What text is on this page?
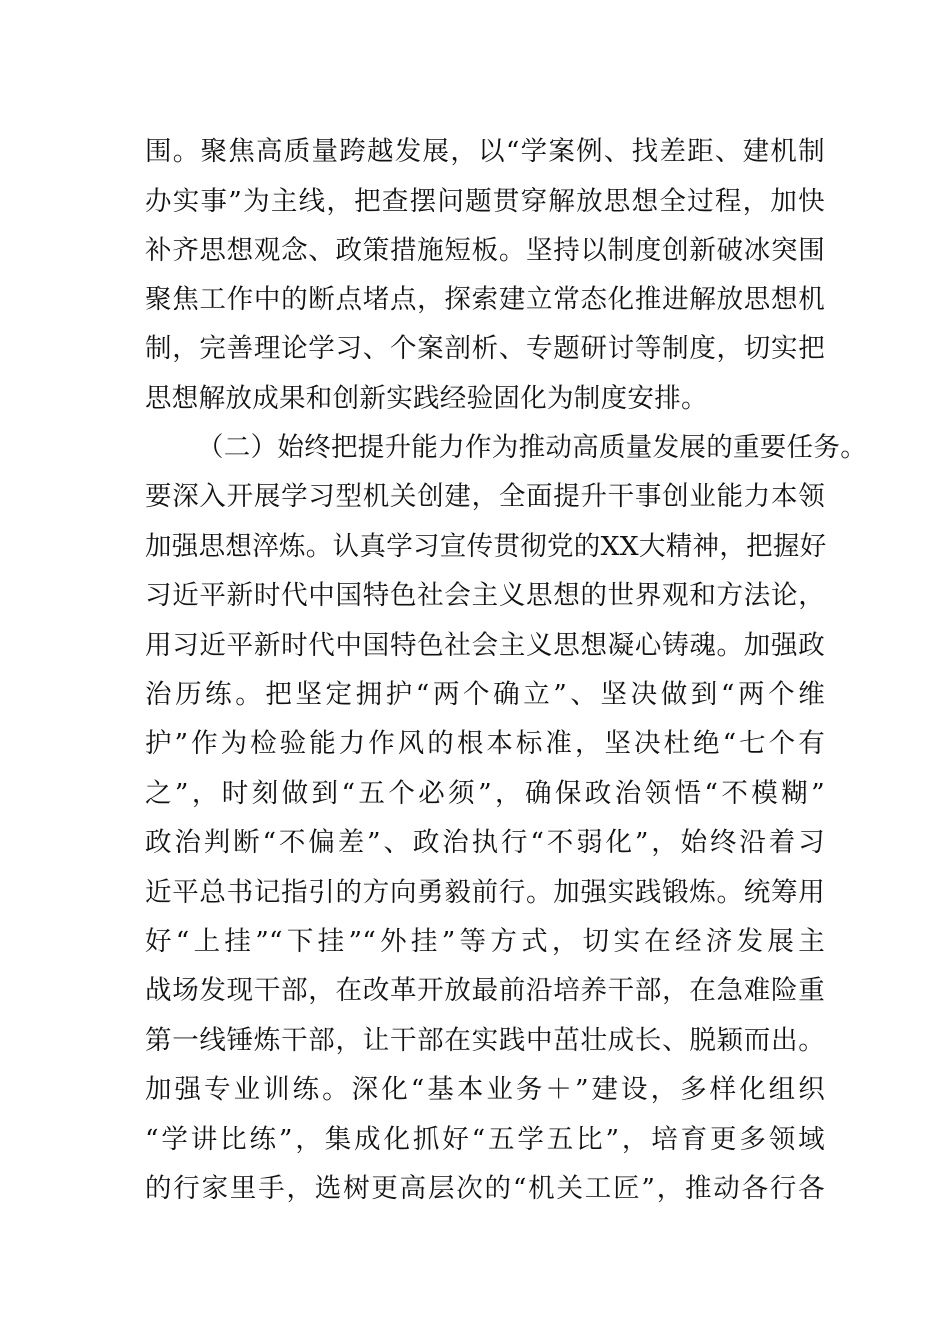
围。聚焦高质量跨越发展，以“学案例、找差距、建机制
办实事”为主线，把查摆问题贯穿解放思想全过程，加快
补齐思想观念、政策措施短板。坚持以制度创新破冰突围
聚焦工作中的断点堵点，探索建立常态化推进解放思想机
制，完善理论学习、个案剖析、专题研讨等制度，切实把
思想解放成果和创新实践经验固化为制度安排。
（二）始终把提升能力作为推动高质量发展的重要任务。
要深入开展学习型机关创建，全面提升干事创业能力本领
加强思想淬炼。认真学习宣传贯彻党的XX大精神，把握好
习近平新时代中国特色社会主义思想的世界观和方法论，
用习近平新时代中国特色社会主义思想凝心铸魂。加强政
治历练。把坚定拥护“两个确立”、坚决做到“两个维
护”作为检验能力作风的根本标准，坚决杜绝“七个有
之”，时刻做到“五个必须”，确保政治领悟“不模糊”
政治判断“不偏差”、政治执行“不弱化”，始终沿着习
近平总书记指引的方向勇毅前行。加强实践锻炼。统筹用
好“上挂”“下挂”“外挂”等方式，切实在经济发展主
战场发现干部，在改革开放最前沿培养干部，在急难险重
第一线锤炼干部，让干部在实践中茁壮成长、脱颖而出。
加强专业训练。深化“基本业务＋”建设，多样化组织
“学讲比练”，集成化抓好“五学五比”，培育更多领域
的行家里手，选树更高层次的“机关工匠”，推动各行各
